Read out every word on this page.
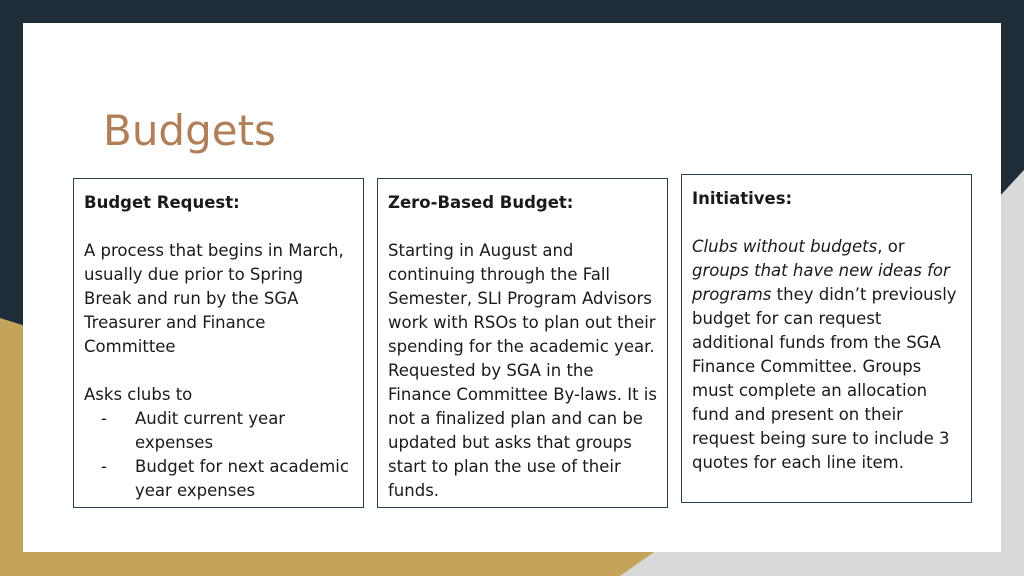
Budgets

Budget Request:

A process that begins in March, usually due prior to Spring Break and run by the SGA Treasurer and Finance Committee

Asks clubs to

- Audit current year expenses
- Budget for next academic year expenses

Zero-Based Budget:

Starting in August and continuing through the Fall Semester, SLI Program Advisors work with RSOs to plan out their spending for the academic year. Requested by SGA in the Finance Committee By-laws. It is not a finalized plan and can be updated but asks that groups start to plan the use of their funds.

Initiatives:

Clubs without budgets, or groups that have new ideas for programs they didn’t previously budget for can request additional funds from the SGA Finance Committee. Groups must complete an allocation fund and present on their request being sure to include 3 quotes for each line item.
